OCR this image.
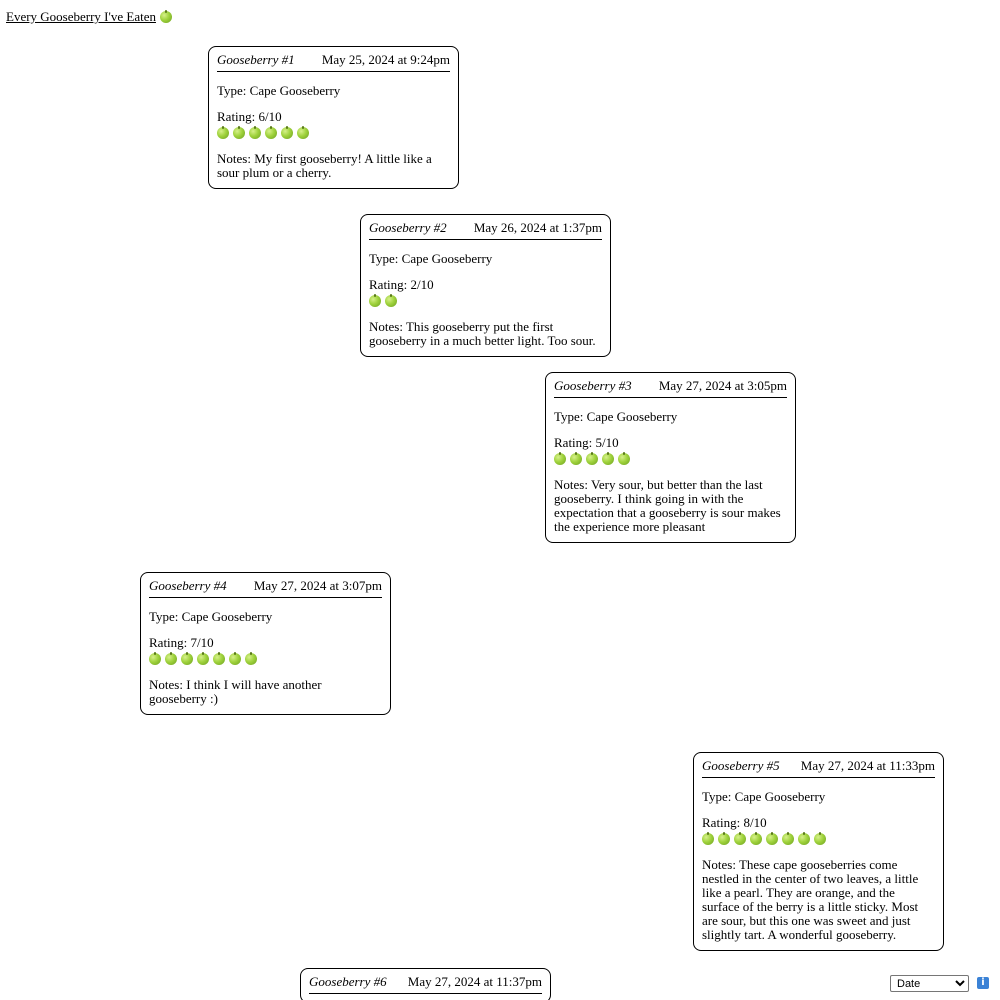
Every Gooseberry I've Eaten
Gooseberry #1 May 25, 2024 at 9:24pm
Type: Cape Gooseberry
Rating: 6/10
Notes: My first gooseberry! A little like a sour plum or a cherry.
Gooseberry #2 May 26, 2024 at 1:37pm
Type: Cape Gooseberry
Rating: 2/10
Notes: This gooseberry put the first gooseberry in a much better light. Too sour.
Gooseberry #3 May 27, 2024 at 3:05pm
Type: Cape Gooseberry
Rating: 5/10
Notes: Very sour, but better than the last gooseberry. I think going in with the expectation that a gooseberry is sour makes the experience more pleasant
Gooseberry #4 May 27, 2024 at 3:07pm
Type: Cape Gooseberry
Rating: 7/10
Notes: I think I will have another gooseberry :)
Gooseberry #5 May 27, 2024 at 11:33pm
Type: Cape Gooseberry
Rating: 8/10
Notes: These cape gooseberries come nestled in the center of two leaves, a little like a pearl. They are orange, and the surface of the berry is a little sticky. Most are sour, but this one was sweet and just slightly tart. A wonderful gooseberry.
Gooseberry #6 May 27, 2024 at 11:37pm
Date	i
